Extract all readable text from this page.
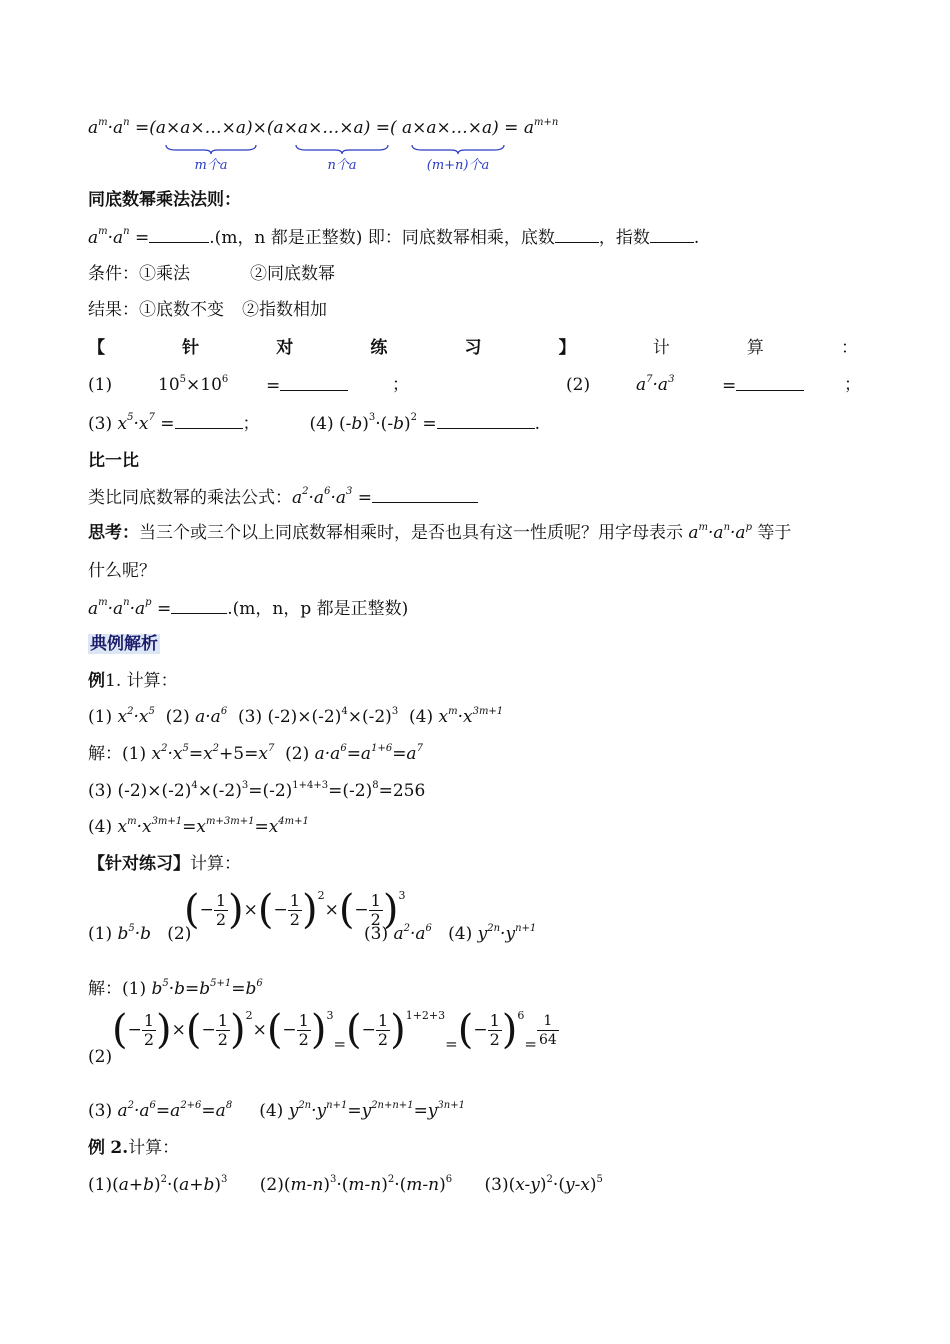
$a^m\cdot a^n$ =(a×a×…×a)×(a×a×…×a) =( a×a×…×a) = $a^{m+n}$
m个a	n个a	(m+n)个a
同底数幂乘法法则：
$a^m\cdot a^n$ =	.(m，n 都是正整数) 即：同底数幂相乘，底数	，指数	.
条件：①乘法	②同底数幂
结果：①底数不变 ②指数相加
【	针	对	练	习	】	计	算	：
(1)	$10^5\times 10^6$ =	；	(2)	$a^7\cdot a^3$	=	；
(3) $x^5\cdot x^7$ =	；	(4) $(-b)^3\cdot(-b)^2$ =	.
比一比
类比同底数幂的乘法公式：$a^2\cdot a^6\cdot a^3$ =
思考：当三个或三个以上同底数幂相乘时，是否也具有这一性质呢？用字母表示 $a^m\cdot a^n\cdot a^p$ 等于
什么呢？
$a^m\cdot a^n\cdot a^p$ =	.(m，n，p 都是正整数)
典例解析
例1. 计算：
(1) $x^2\cdot x^5$  (2) $a\cdot a^6$  (3) $(-2)\times(-2)^4\times(-2)^3$  (4) $x^m\cdot x^{3m+1}$
解：(1) $x^2\cdot x^5=x^2+5=x^7$  (2) $a\cdot a^6=a^{1+6}=a^7$
(3) $(-2)\times(-2)^4\times(-2)^3=(-2)^{1+4+3}=(-2)^8=256$
(4) $x^m\cdot x^{3m+1}=x^{m+3m+1}=x^{4m+1}$
【针对练习】计算：
(1) $b^5\cdot b$   (2)
( − $\frac{1}{2}$ ) × ( − $\frac{1}{2}$ ) 2
× ( − $\frac{1}{2}$ ) 3
(3) $a^2\cdot a^6$   (4) $y^{2n}\cdot y^{n+1}$
解：(1) $b^5\cdot b=b^{5+1}=b^6$
(2)
( − $\frac{1}{2}$ ) × ( − $\frac{1}{2}$ ) 2
× ( − $\frac{1}{2}$ ) 3
= ( − $\frac{1}{2}$ ) 1+2+3
= ( − $\frac{1}{2}$ ) 6
= $\frac{1}{64}$
(3) $a^2\cdot a^6=a^{2+6}=a^8$     (4) $y^{2n}\cdot y^{n+1}=y^{2n+n+1}=y^{3n+1}$
例 2.计算：
$(1)(a+b)^2\cdot(a+b)^3$      $(2)(m-n)^3\cdot(m-n)^2\cdot(m-n)^6$      $(3)(x-y)^2\cdot(y-x)^5$
